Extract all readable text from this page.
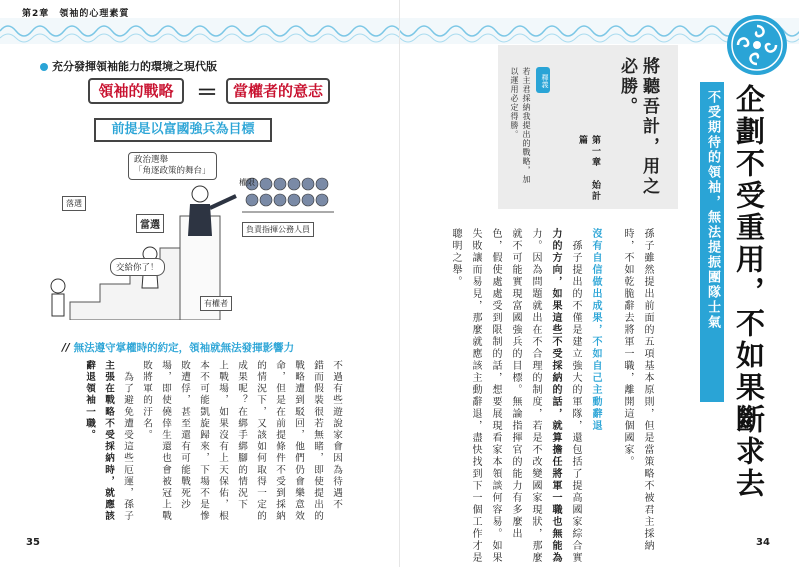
第2章 領袖的心理素質
充分發揮領袖能力的環境之現代版
領袖的戰略	＝ 當權者的意志
前提是以富國強兵為目標
政治選舉
「角逐政策的舞台」
落選
當選
權限
負責指揮公務人員
交給你了！
有權者
// 無法遵守掌權時的約定，領袖就無法發揮影響力
不過有些遊說家會因為待遇不
錯而假裝很若無睹，即使提出的
戰略遭到駁回，他們仍會樂意效
命，但是在前提條件不受到採納
的情況下，又該如何取得一定的
成果呢？在綁手綁腳的情況下
上戰場，如果沒有上天保佑，根
本不可能凱旋歸來，下場不是慘
敗遭俘，甚至還有可能戰死沙
場，即使僥倖生還也會被冠上戰
敗將軍的汙名。
　為了避免遭受這些厄運，孫子
主張在戰略不受採納時，就應該
辭退領袖一職。
35
將聽吾計，用之必勝。
第一章 始計篇
釋義
若主君採納我提出的戰略，加以運用必定得勝。	企劃不受重用，不如果斷求去
不受期待的領袖，無法提振團隊士氣
孫子雖然提出前面的五項基本原則，但是當策略不被君主採納
時，不如乾脆辭去將軍一職，離開這個國家。
沒有自信做出成果，不如自己主動辭退
　孫子提出的不僅是建立強大的軍隊，還包括了提高國家綜合實
力的方向，如果這些不受採納的話，就算擔任將軍一職也無能為
力。因為問題就出在不合理的制度，若是不改變國家現狀，那麼
就不可能實現富國強兵的目標。無論指揮官的能力有多麼出
色，假使處處受到限制的話，想要展現看家本領談何容易。如果
失敗讓而易見，那麼就應該主動辭退，盡快找到下一個工作才是
聰明之舉。
34
